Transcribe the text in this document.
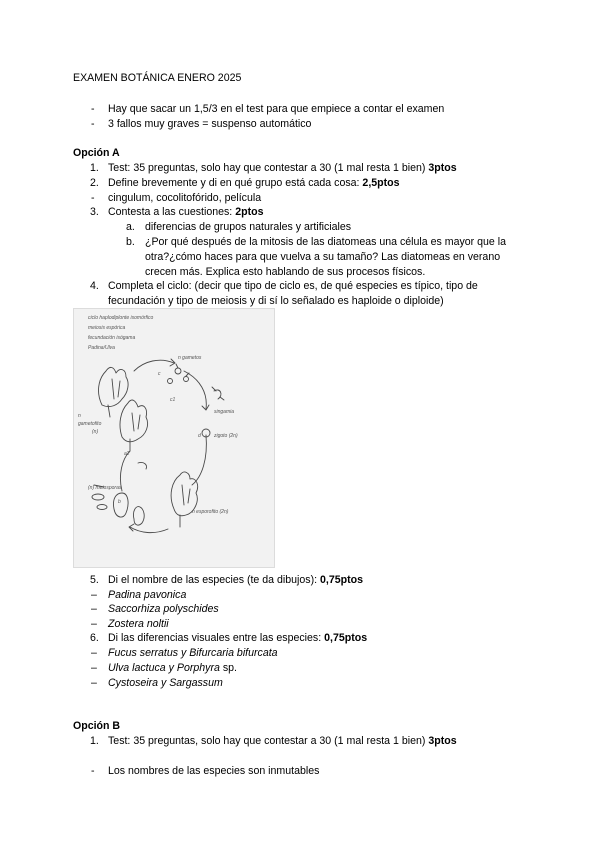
EXAMEN BOTÁNICA ENERO 2025
- Hay que sacar un 1,5/3 en el test para que empiece a contar el examen
- 3 fallos muy graves = suspenso automático
Opción A
1. Test: 35 preguntas, solo hay que contestar a 30 (1 mal resta 1 bien) 3ptos
2. Define brevemente y di en qué grupo está cada cosa: 2,5ptos
- cingulum, cocolitofórido, película
3. Contesta a las cuestiones: 2ptos
a. diferencias de grupos naturales y artificiales
b. ¿Por qué después de la mitosis de las diatomeas una célula es mayor que la
otra?¿cómo haces para que vuelva a su tamaño? Las diatomeas en verano
crecen más. Explica esto hablando de sus procesos físicos.
4. Completa el ciclo: (decir que tipo de ciclo es, de qué especies es típico, tipo de
fecundación y tipo de meiosis y di sí lo señalado es haploide o diploide)
ciclo haplodiplonte isomórfico
meiosis espórica
fecundación isógama
Padina/Ulva
n gametos
n
gametofito
(n)
singamia
zigoto (2n)
(n) meiosporas
n esporofito (2n)
c
b
a2
d
c1
5. Di el nombre de las especies (te da dibujos): 0,75ptos
– Padina pavonica
– Saccorhiza polyschides
– Zostera noltii
6. Di las diferencias visuales entre las especies: 0,75ptos
– Fucus serratus y Bifurcaria bifurcata
– Ulva lactuca y Porphyra sp.
– Cystoseira y Sargassum
Opción B
1. Test: 35 preguntas, solo hay que contestar a 30 (1 mal resta 1 bien) 3ptos
- Los nombres de las especies son inmutables
